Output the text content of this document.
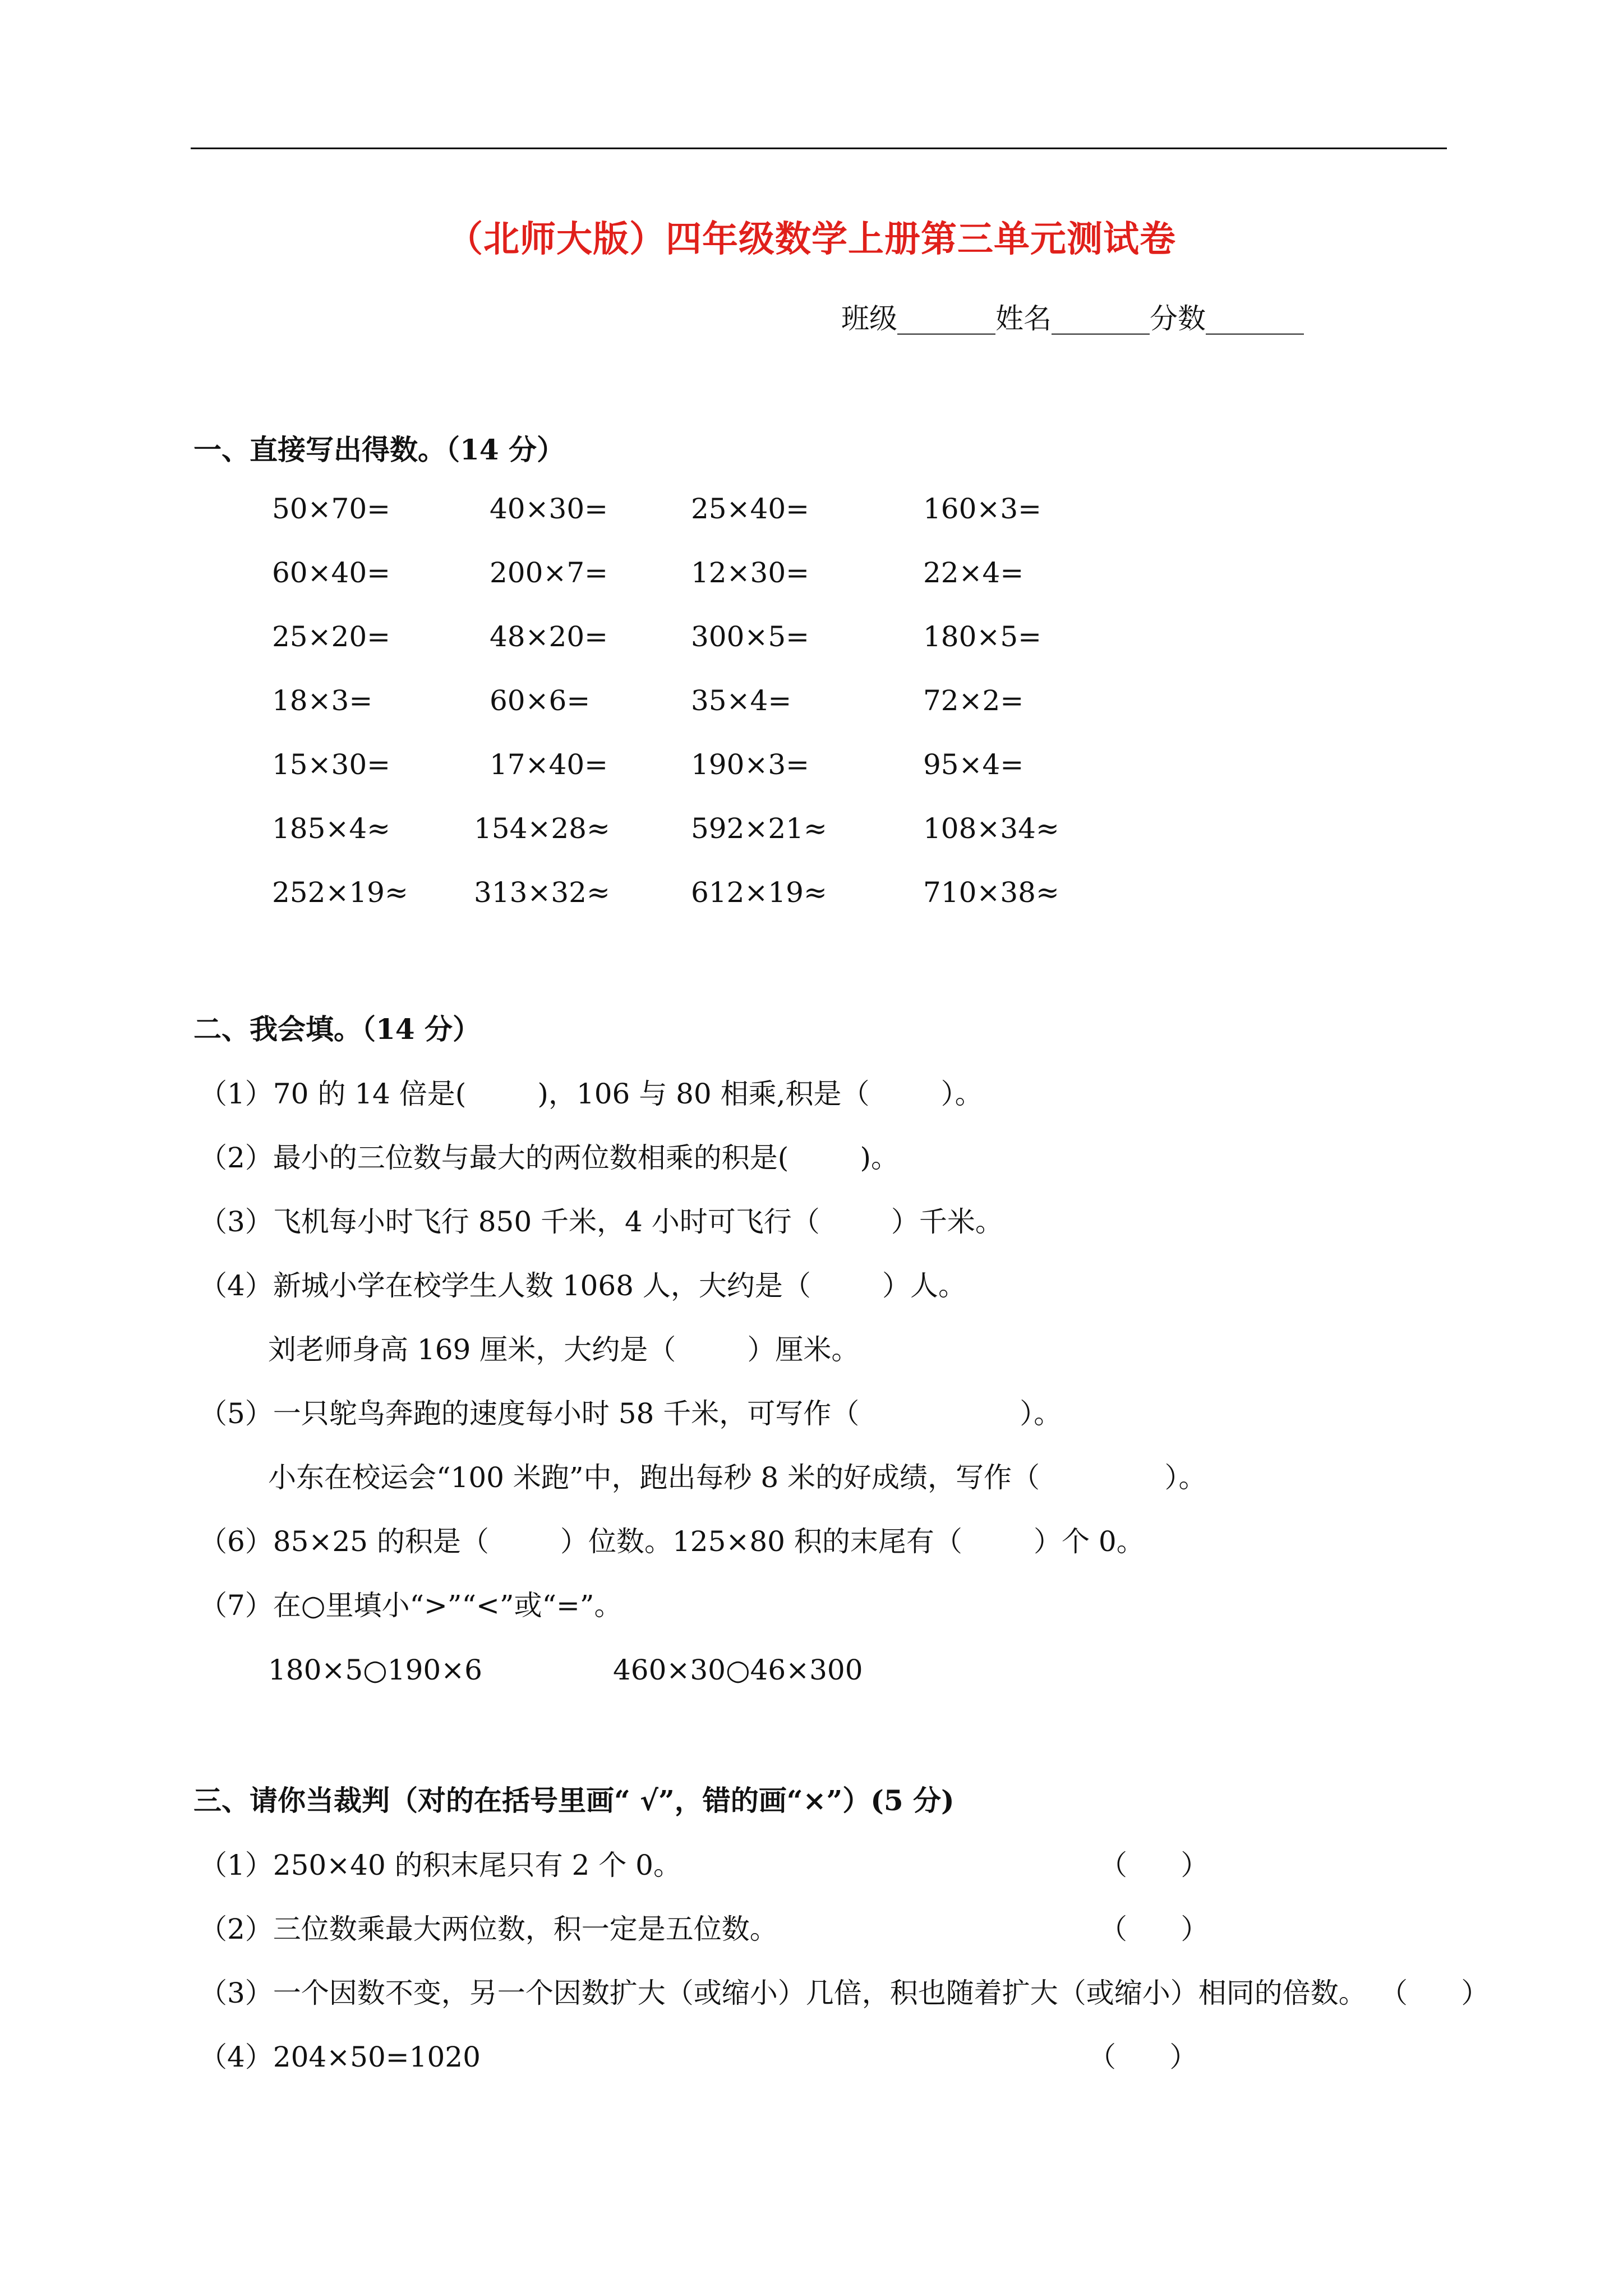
（北师大版）四年级数学上册第三单元测试卷
班级_______姓名_______分数_______
一、直接写出得数。（14 分）
50×70=	40×30=	25×40=	160×3=
60×40=	200×7=	12×30=	22×4=
25×20=	48×20=	300×5=	180×5=
18×3=	60×6=	35×4=	72×2=
15×30=	17×40=	190×3=	95×4=
185×4≈	154×28≈	592×21≈	108×34≈
252×19≈ 313×32≈	612×19≈	710×38≈
二、我会填。（14 分）
（1）70 的 14 倍是(        )，106 与 80 相乘,积是（        ）。
（2）最小的三位数与最大的两位数相乘的积是(        )。
（3）飞机每小时飞行 850 千米，4 小时可飞行（        ）千米。
（4）新城小学在校学生人数 1068 人，大约是（        ）人。
刘老师身高 169 厘米，大约是（        ）厘米。
（5）一只鸵鸟奔跑的速度每小时 58 千米，可写作（                  ）。
小东在校运会“100 米跑”中，跑出每秒 8 米的好成绩，写作（              ）。
（6）85×25 的积是（        ）位数。125×80 积的末尾有（        ）个 0。
（7）在○里填小“>”“<”或“=”。
180×5○190×6	460×30○46×300
三、请你当裁判（对的在括号里画“ √”，错的画“×”）(5 分)
（1）250×40 的积末尾只有 2 个 0。	（      ）
（2）三位数乘最大两位数，积一定是五位数。	（      ）
（3）一个因数不变，另一个因数扩大（或缩小）几倍，积也随着扩大（或缩小）相同的倍数。 （      ）
（4）204×50=1020	（      ）
